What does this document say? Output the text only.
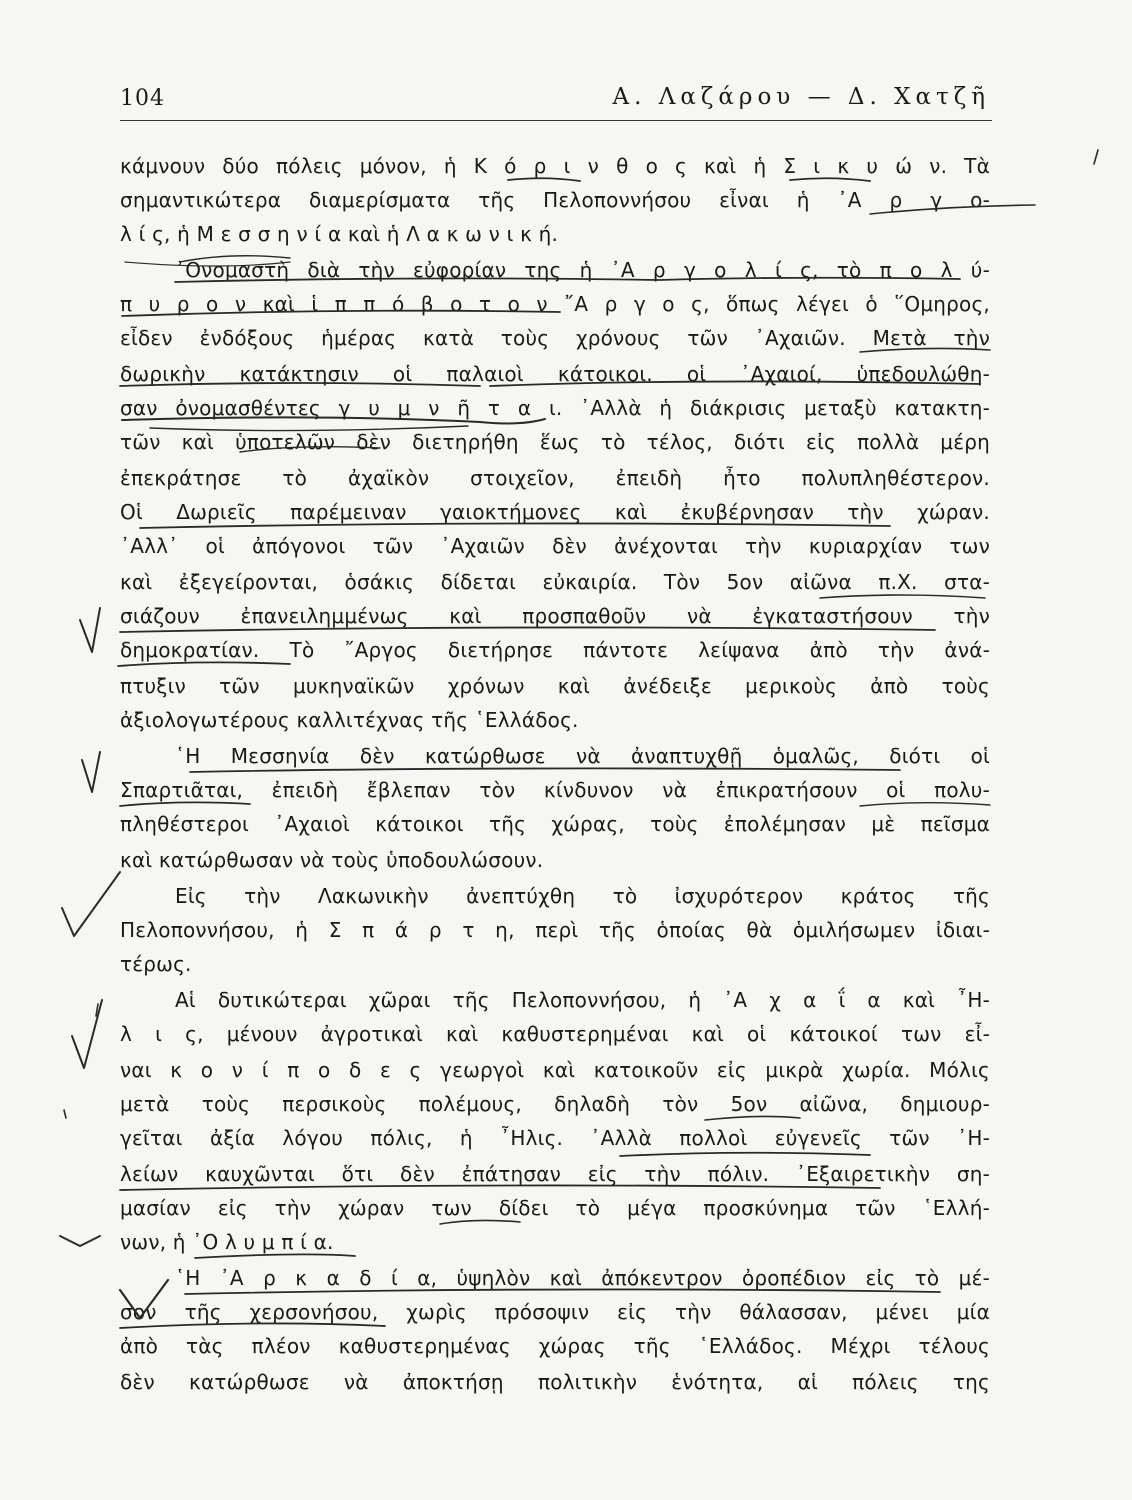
104	Α. Λαζάρου — Δ. Χατζῆ
κάμνουν δύο πόλεις μόνον, ἡ Κ ό ρ ι ν θ ο ς καὶ ἡ Σ ι κ υ ώ ν. Τὰ
σημαντικώτερα διαμερίσματα τῆς Πελοποννήσου εἶναι ἡ ᾿Α ρ γ ο-
λ ί ς, ἡ Μ ε σ σ η ν ί α καὶ ἡ Λ α κ ω ν ι κ ή.
᾿Ονομαστὴ διὰ τὴν εὐφορίαν της ἡ ᾿Α ρ γ ο λ ί ς, τὸ π ο λ ύ-
π υ ρ ο ν καὶ ἱ π π ό β ο τ ο ν ῎Α ρ γ ο ς, ὅπως λέγει ὁ ῞Ομηρος,
εἶδεν ἐνδόξους ἡμέρας κατὰ τοὺς χρόνους τῶν ᾿Αχαιῶν. Μετὰ τὴν
δωρικὴν κατάκτησιν οἱ παλαιοὶ κάτοικοι. οἱ ᾿Αχαιοί, ὑπεδουλώθη-
σαν ὀνομασθέντες γ υ μ ν ῆ τ α ι. ᾿Αλλὰ ἡ διάκρισις μεταξὺ κατακτη-
τῶν καὶ ὑποτελῶν δὲν διετηρήθη ἕως τὸ τέλος, διότι εἰς πολλὰ μέρη
ἐπεκράτησε τὸ ἀχαϊκὸν στοιχεῖον, ἐπειδὴ ἦτο πολυπληθέστερον.
Οἱ Δωριεῖς παρέμειναν γαιοκτήμονες καὶ ἐκυβέρνησαν τὴν χώραν.
᾿Αλλ᾿ οἱ ἀπόγονοι τῶν ᾿Αχαιῶν δὲν ἀνέχονται τὴν κυριαρχίαν των
καὶ ἐξεγείρονται, ὁσάκις δίδεται εὐκαιρία. Τὸν 5ον αἰῶνα π.Χ. στα-
σιάζουν ἐπανειλημμένως καὶ προσπαθοῦν νὰ ἐγκαταστήσουν τὴν
δημοκρατίαν. Τὸ ῎Αργος διετήρησε πάντοτε λείψανα ἀπὸ τὴν ἀνά-
πτυξιν τῶν μυκηναϊκῶν χρόνων καὶ ἀνέδειξε μερικοὺς ἀπὸ τοὺς
ἀξιολογωτέρους καλλιτέχνας τῆς ῾Ελλάδος.
῾Η Μεσσηνία δὲν κατώρθωσε νὰ ἀναπτυχθῇ ὁμαλῶς, διότι οἱ
Σπαρτιᾶται, ἐπειδὴ ἔβλεπαν τὸν κίνδυνον νὰ ἐπικρατήσουν οἱ πολυ-
πληθέστεροι ᾿Αχαιοὶ κάτοικοι τῆς χώρας, τοὺς ἐπολέμησαν μὲ πεῖσμα
καὶ κατώρθωσαν νὰ τοὺς ὑποδουλώσουν.
Εἰς τὴν Λακωνικὴν ἀνεπτύχθη τὸ ἰσχυρότερον κράτος τῆς
Πελοποννήσου, ἡ Σ π ά ρ τ η, περὶ τῆς ὁποίας θὰ ὁμιλήσωμεν ἰδιαι-
τέρως.
Αἱ δυτικώτεραι χῶραι τῆς Πελοποννήσου, ἡ ᾿Α χ α ΐ α καὶ ῏Η-
λ ι ς, μένουν ἀγροτικαὶ καὶ καθυστερημέναι καὶ οἱ κάτοικοί των εἶ-
ναι κ ο ν ί π ο δ ε ς γεωργοὶ καὶ κατοικοῦν εἰς μικρὰ χωρία. Μόλις
μετὰ τοὺς περσικοὺς πολέμους, δηλαδὴ τὸν 5ον αἰῶνα, δημιουρ-
γεῖται ἀξία λόγου πόλις, ἡ ῏Ηλις. ᾿Αλλὰ πολλοὶ εὐγενεῖς τῶν ᾿Η-
λείων καυχῶνται ὅτι δὲν ἐπάτησαν εἰς τὴν πόλιν. ᾿Εξαιρετικὴν ση-
μασίαν εἰς τὴν χώραν των δίδει τὸ μέγα προσκύνημα τῶν ῾Ελλή-
νων, ἡ ᾿Ο λ υ μ π ί α.
῾Η ᾿Α ρ κ α δ ί α, ὑψηλὸν καὶ ἀπόκεντρον ὀροπέδιον εἰς τὸ μέ-
σον τῆς χερσονήσου, χωρὶς πρόσοψιν εἰς τὴν θάλασσαν, μένει μία
ἀπὸ τὰς πλέον καθυστερημένας χώρας τῆς ῾Ελλάδος. Μέχρι τέλους
δὲν κατώρθωσε νὰ ἀποκτήσῃ πολιτικὴν ἑνότητα, αἱ πόλεις της
